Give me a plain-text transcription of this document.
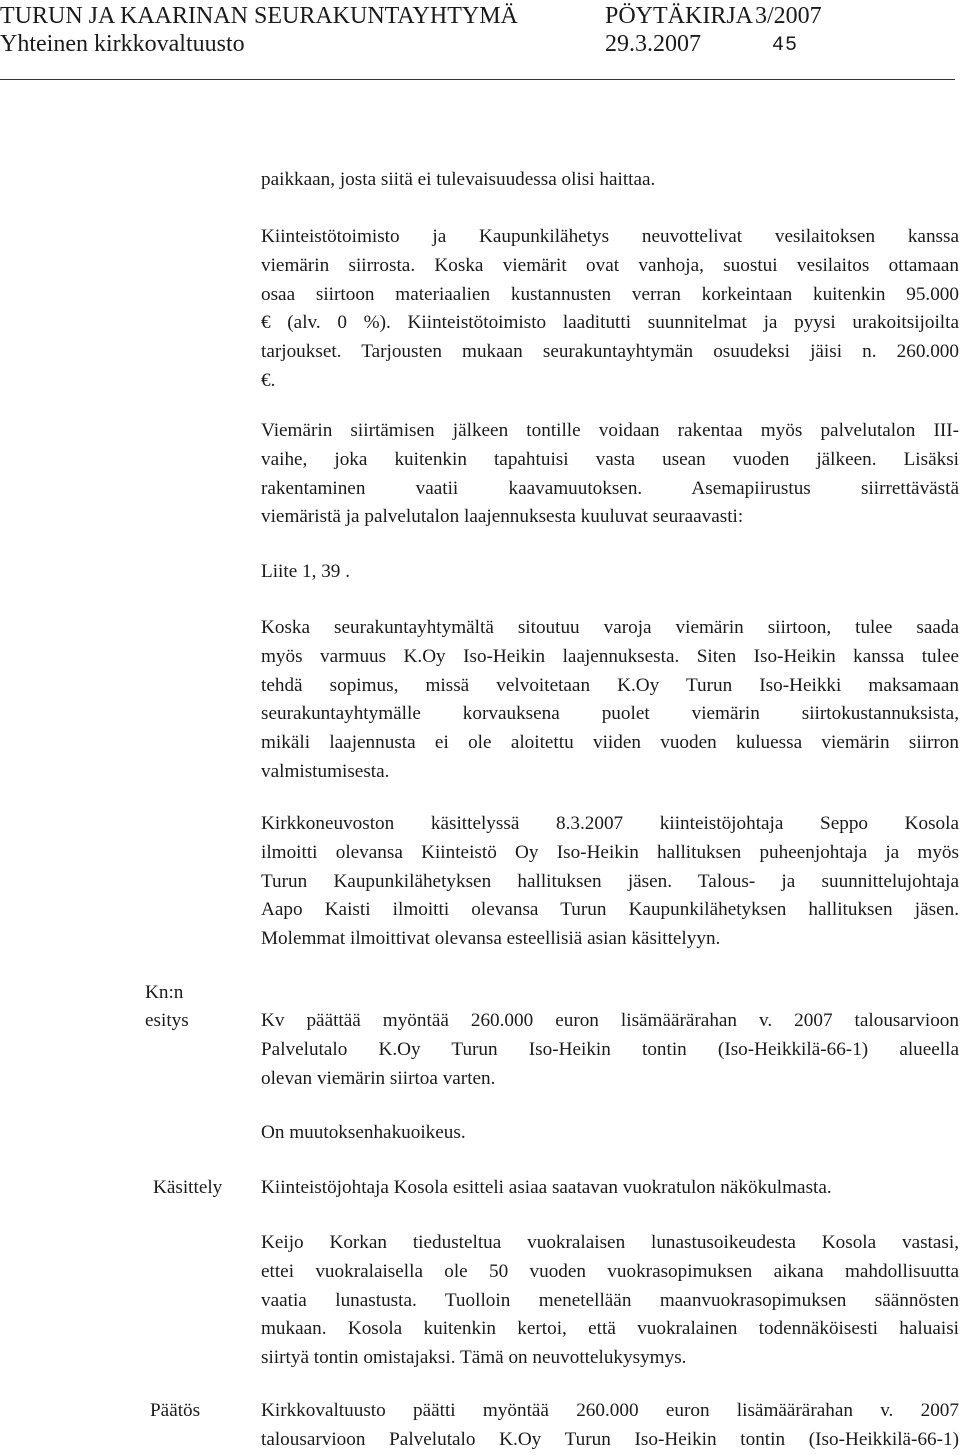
TURUN JA KAARINAN SEURAKUNTAYHTYMÄ	PÖYTÄKIRJA 3/2007
Yhteinen kirkkovaltuusto	29.3.2007	45

paikkaan, josta siitä ei tulevaisuudessa olisi haittaa.

Kiinteistötoimisto ja Kaupunkilähetys neuvottelivat vesilaitoksen kanssa
viemärin siirrosta. Koska viemärit ovat vanhoja, suostui vesilaitos ottamaan
osaa siirtoon materiaalien kustannusten verran korkeintaan kuitenkin 95.000
€ (alv. 0 %). Kiinteistötoimisto laaditutti suunnitelmat ja pyysi urakoitsijoilta
tarjoukset. Tarjousten mukaan seurakuntayhtymän osuudeksi jäisi n. 260.000
€.
Viemärin siirtämisen jälkeen tontille voidaan rakentaa myös palvelutalon III-
vaihe, joka kuitenkin tapahtuisi vasta usean vuoden jälkeen. Lisäksi
rakentaminen vaatii kaavamuutoksen. Asemapiirustus siirrettävästä
viemäristä ja palvelutalon laajennuksesta kuuluvat seuraavasti:

Liite 1, 39 .

Koska seurakuntayhtymältä sitoutuu varoja viemärin siirtoon, tulee saada
myös varmuus K.Oy Iso-Heikin laajennuksesta. Siten Iso-Heikin kanssa tulee
tehdä sopimus, missä velvoitetaan K.Oy Turun Iso-Heikki maksamaan
seurakuntayhtymälle korvauksena puolet viemärin siirtokustannuksista,
mikäli laajennusta ei ole aloitettu viiden vuoden kuluessa viemärin siirron
valmistumisesta.
Kirkkoneuvoston käsittelyssä 8.3.2007 kiinteistöjohtaja Seppo Kosola
ilmoitti olevansa Kiinteistö Oy Iso-Heikin hallituksen puheenjohtaja ja myös
Turun Kaupunkilähetyksen hallituksen jäsen. Talous- ja suunnittelujohtaja
Aapo Kaisti ilmoitti olevansa Turun Kaupunkilähetyksen hallituksen jäsen.
Molemmat ilmoittivat olevansa esteellisiä asian käsittelyyn.
Kn:n
esitys	Kv päättää myöntää 260.000 euron lisämäärärahan v. 2007 talousarvioon
Palvelutalo K.Oy Turun Iso-Heikin tontin (Iso-Heikkilä-66-1) alueella
olevan viemärin siirtoa varten.

On muutoksenhakuoikeus.

Käsittely Kiinteistöjohtaja Kosola esitteli asiaa saatavan vuokratulon näkökulmasta.

Keijo Korkan tiedusteltua vuokralaisen lunastusoikeudesta Kosola vastasi,
ettei vuokralaisella ole 50 vuoden vuokrasopimuksen aikana mahdollisuutta
vaatia lunastusta. Tuolloin menetellään maanvuokrasopimuksen säännösten
mukaan. Kosola kuitenkin kertoi, että vuokralainen todennäköisesti haluaisi
siirtyä tontin omistajaksi. Tämä on neuvottelukysymys.
Päätös	Kirkkovaltuusto päätti myöntää 260.000 euron lisämäärärahan v. 2007
talousarvioon Palvelutalo K.Oy Turun Iso-Heikin tontin (Iso-Heikkilä-66-1)
